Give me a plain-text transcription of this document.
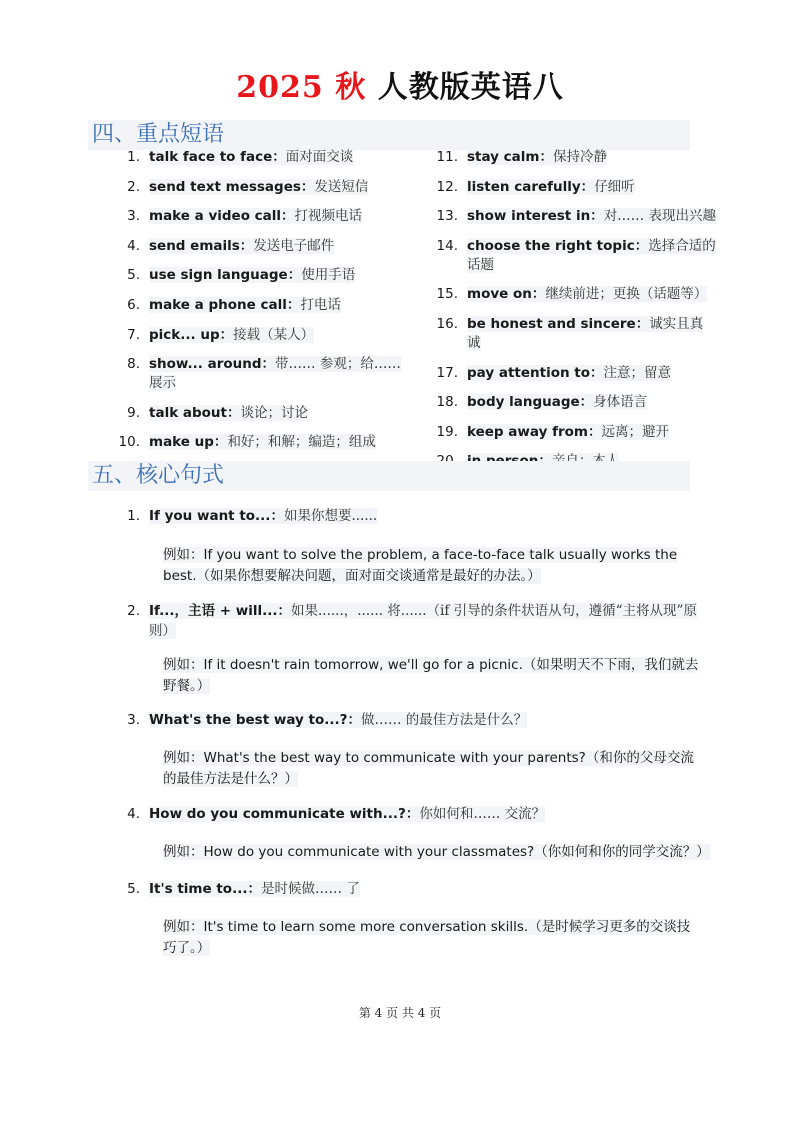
2025 秋 人教版英语八
四、重点短语
1. talk face to face：面对面交谈
2. send text messages：发送短信
3. make a video call：打视频电话
4. send emails：发送电子邮件
5. use sign language：使用手语
6. make a phone call：打电话
7. pick... up：接载（某人）
8. show... around：带…… 参观；给……展示
9. talk about：谈论；讨论
10. make up：和好；和解；编造；组成
11. stay calm：保持冷静
12. listen carefully：仔细听
13. show interest in：对…… 表现出兴趣
14. choose the right topic：选择合适的话题
15. move on：继续前进；更换（话题等）
16. be honest and sincere：诚实且真诚
17. pay attention to：注意；留意
18. body language：身体语言
19. keep away from：远离；避开
五、核心句式
1. If you want to...：如果你想要......
例如：If you want to solve the problem, a face-to-face talk usually works the best.（如果你想要解决问题，面对面交谈通常是最好的办法。）
2. If...，主语 + will...：如果......，...... 将......（if 引导的条件状语从句，遵循“主将从现”原则）
例如：If it doesn't rain tomorrow, we'll go for a picnic.（如果明天不下雨，我们就去野餐。）
3. What's the best way to...?：做…… 的最佳方法是什么？
例如：What's the best way to communicate with your parents?（和你的父母交流的最佳方法是什么？）
4. How do you communicate with...?：你如何和…… 交流？
例如：How do you communicate with your classmates?（你如何和你的同学交流？）
5. It's time to...：是时候做…… 了
例如：It's time to learn some more conversation skills.（是时候学习更多的交谈技巧了。）
第 4 页 共 4 页
